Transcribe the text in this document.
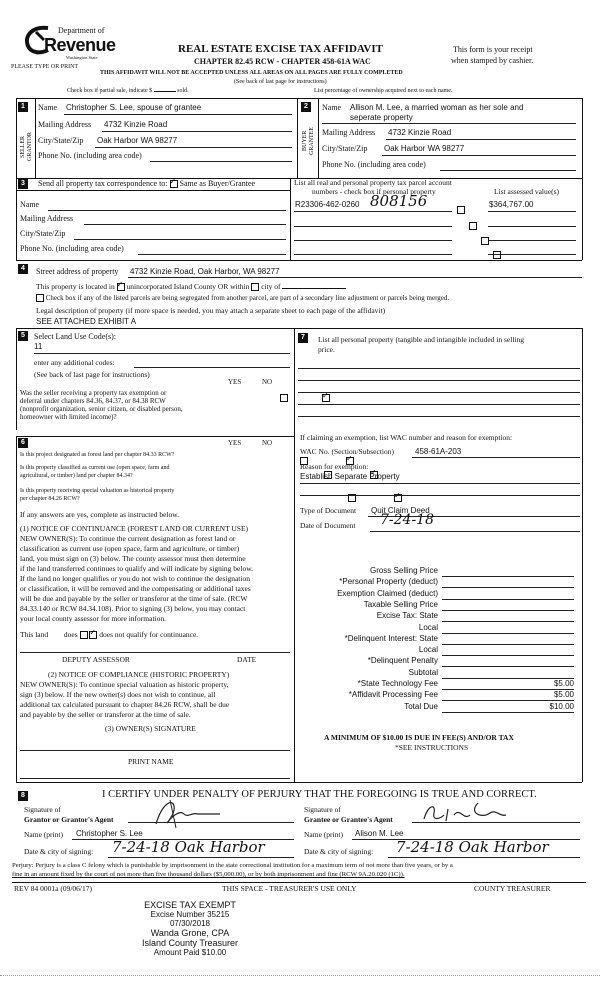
Department of
Revenue
Washington State
PLEASE TYPE OR PRINT
REAL ESTATE EXCISE TAX AFFIDAVIT
CHAPTER 82.45 RCW - CHAPTER 458-61A WAC
This form is your receipt
when stamped by cashier.
THIS AFFIDAVIT WILL NOT BE ACCEPTED UNLESS ALL AREAS ON ALL PAGES ARE FULLY COMPLETED
(See back of last page for instructions)
Check box if partial sale, indicate $	sold.	List percentage of ownership acquired next to each name.
1
SELLER GRANTOR
Name Christopher S. Lee, spouse of grantee
Mailing Address 4732 Kinzie Road
City/State/Zip Oak Harbor WA 98277
Phone No. (including area code)
2
BUYER GRANTEE
Name Allison M. Lee, a married woman as her sole and
seperate property
Mailing Address 4732 Kinzie Road
City/State/Zip Oak Harbor WA 98277
Phone No. (including area code)
3	Send all property tax correspondence to: ✓ Same as Buyer/Grantee
Name
Mailing Address
City/State/Zip
Phone No. (including area code)
List all real and personal property tax parcel account
numbers - check box if personal property	List assessed value(s)
R23306-462-0260 808156	$364,767.00

4	Street address of property 4732 Kinzie Road, Oak Harbor, WA 98277
This property is located in ✓ unincorporated Island County OR within city of
Check box if any of the listed parcels are being segregated from another parcel, are part of a secondary line adjustment or parcels being merged.
Legal description of property (if more space is needed, you may attach a separate sheet to each page of the affidavit)
SEE ATTACHED EXHIBIT A
5	Select Land Use Code(s):
11
enter any additional codes:
(See back of last page for instructions)
YES	NO
Was the seller receiving a property tax exemption or
deferral under chapters 84.36, 84.37, or 84.38 RCW
(nonprofit organization, senior citizen, or disabled person,
homeowner with limited income)?
✓
7	List all personal property (tangible and intangible included in selling
price.
6	YES	NO
Is this project designated as forest land per chapter 84.33 RCW?
✓
Is this property classified as current use (open space, farm and
agricultural, or timber) land per chapter 84.34?
✓
Is this property receiving special valuation as historical property
per chapter 84.26 RCW?
✓
If any answers are yes, complete as instructed below.
(1) NOTICE OF CONTINUANCE (FOREST LAND OR CURRENT USE)
NEW OWNER(S): To continue the current designation as forest land or
classification as current use (open space, farm and agriculture, or timber)
land, you must sign on (3) below. The county assessor must then determine
if the land transferred continues to qualify and will indicate by signing below.
If the land no longer qualifies or you do not wish to continue the designation
or classification, it will be removed and the compensating or additional taxes
will be due and payable by the seller or transferor at the time of sale. (RCW
84.33.140 or RCW 84.34.108). Prior to signing (3) below, you may contact
your local county assessor for more information.
This land does ✓	does not qualify for continuance.
DEPUTY ASSESSOR	DATE
(2) NOTICE OF COMPLIANCE (HISTORIC PROPERTY)
NEW OWNER(S): To continue special valuation as historic property,
sign (3) below. If the new owner(s) does not wish to continue, all
additional tax calculated pursuant to chapter 84.26 RCW, shall be due
and payable by the seller or transferor at the time of sale.
(3) OWNER(S) SIGNATURE
PRINT NAME
If claiming an exemption, list WAC number and reason for exemption:
WAC No. (Section/Subsection)	458-61A-203
Reason for exemption:
Establish Separate Property
Type of Document Quit Claim Deed
Date of Document 7-24-18
Gross Selling Price
*Personal Property (deduct)
Exemption Claimed (deduct)
Taxable Selling Price
Excise Tax: State
Local
*Delinquent Interest: State
Local
*Delinquent Penalty
Subtotal
*State Technology Fee	$5.00
*Affidavit Processing Fee	$5.00
Total Due	$10.00
A MINIMUM OF $10.00 IS DUE IN FEE(S) AND/OR TAX
*SEE INSTRUCTIONS
8	I CERTIFY UNDER PENALTY OF PERJURY THAT THE FOREGOING IS TRUE AND CORRECT.
Signature of
Grantor or Grantor's Agent
Name (print) Christopher S. Lee
Date & city of signing: 7-24-18 Oak Harbor
Signature of
Grantee or Grantee's Agent
Name (print) Alison M. Lee
Date & city of signing: 7-24-18 Oak Harbor
Perjury: Perjury is a class C felony which is punishable by imprisonment in the state correctional institution for a maximum term of not more than five years, or by a
fine in an amount fixed by the court of not more than five thousand dollars ($5,000.00), or by both imprisonment and fine (RCW 9A.20.020 (1C)).
REV 84 0001a (09/06/17)	THIS SPACE - TREASURER'S USE ONLY	COUNTY TREASURER
EXCISE TAX EXEMPT
Excise Number 35215
07/30/2018
Wanda Grone, CPA
Island County Treasurer
Amount Paid $10.00
